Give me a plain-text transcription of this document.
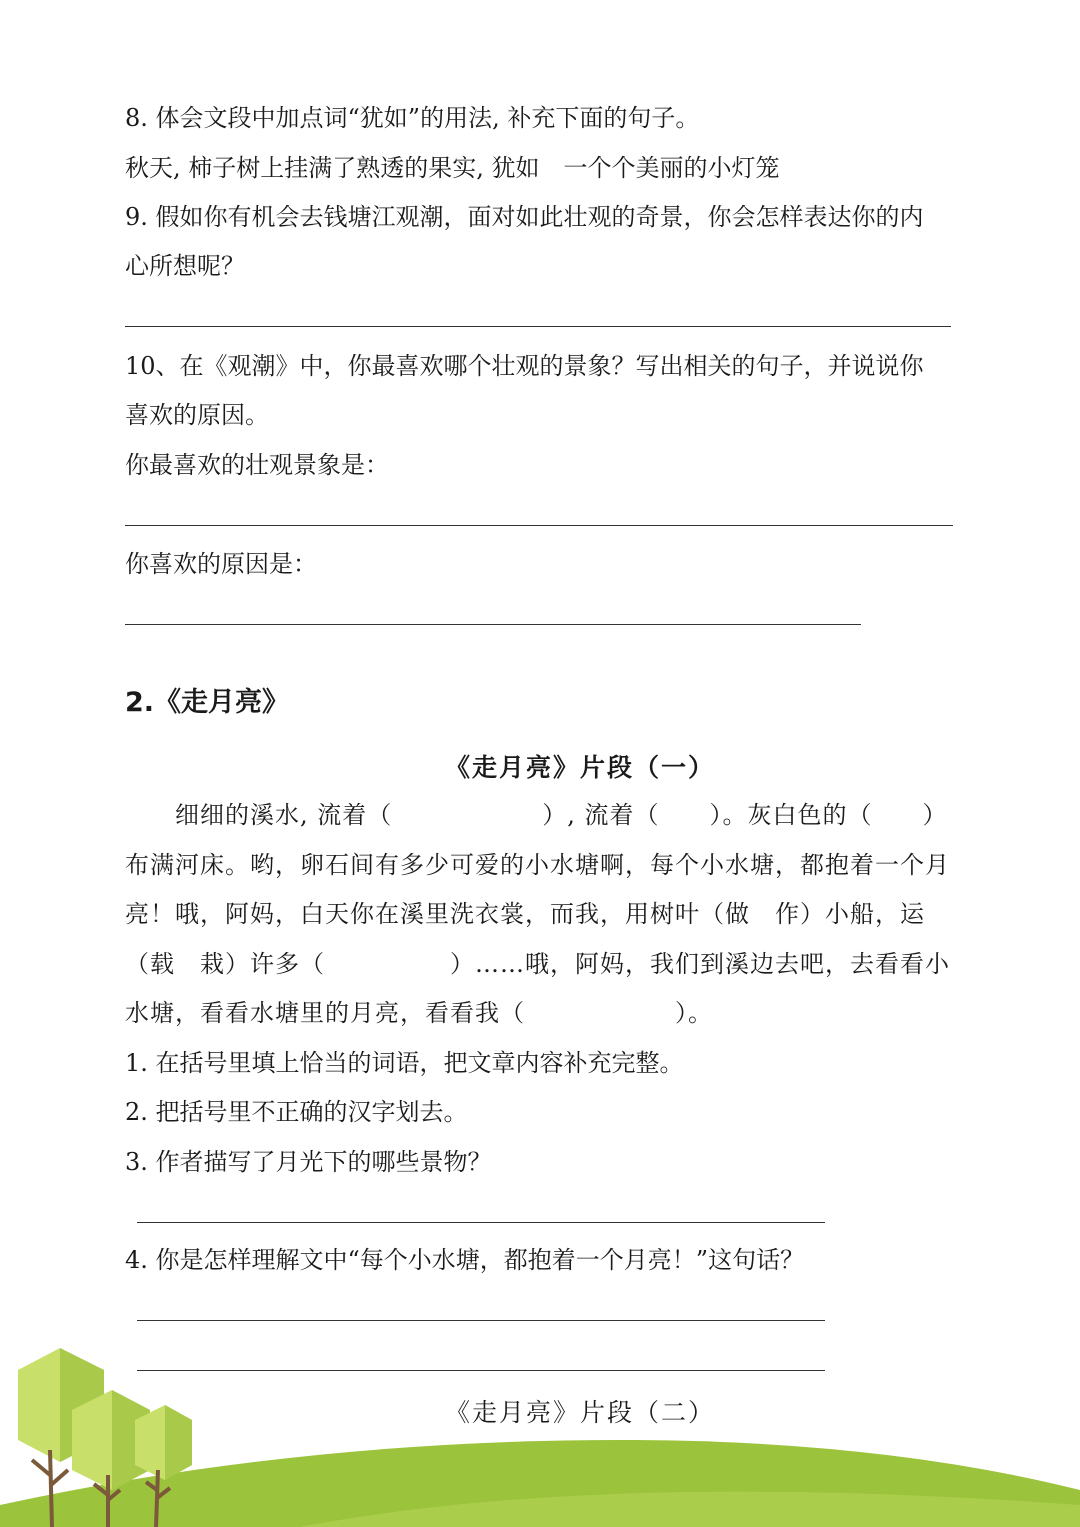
8. 体会文段中加点词“犹如”的用法, 补充下面的句子。

秋天, 柿子树上挂满了熟透的果实, 犹如　一个个美丽的小灯笼

9. 假如你有机会去钱塘江观潮，面对如此壮观的奇景，你会怎样表达你的内

心所想呢？

10、在《观潮》中，你最喜欢哪个壮观的景象？写出相关的句子，并说说你

喜欢的原因。

你最喜欢的壮观景象是：

你喜欢的原因是：

2.《走月亮》
《走月亮》片段（一）

　　细细的溪水, 流着（　　　　　　）, 流着（　　）。灰白色的（　　）

布满河床。哟，卵石间有多少可爱的小水塘啊，每个小水塘，都抱着一个月

亮！哦，阿妈，白天你在溪里洗衣裳，而我，用树叶（做　作）小船，运

（载　栽）许多（　　　　　）……哦，阿妈，我们到溪边去吧，去看看小

水塘，看看水塘里的月亮，看看我（　　　　　　）。

1. 在括号里填上恰当的词语，把文章内容补充完整。

2. 把括号里不正确的汉字划去。

3. 作者描写了月光下的哪些景物？

4. 你是怎样理解文中“每个小水塘，都抱着一个月亮！”这句话？

《走月亮》片段（二）
